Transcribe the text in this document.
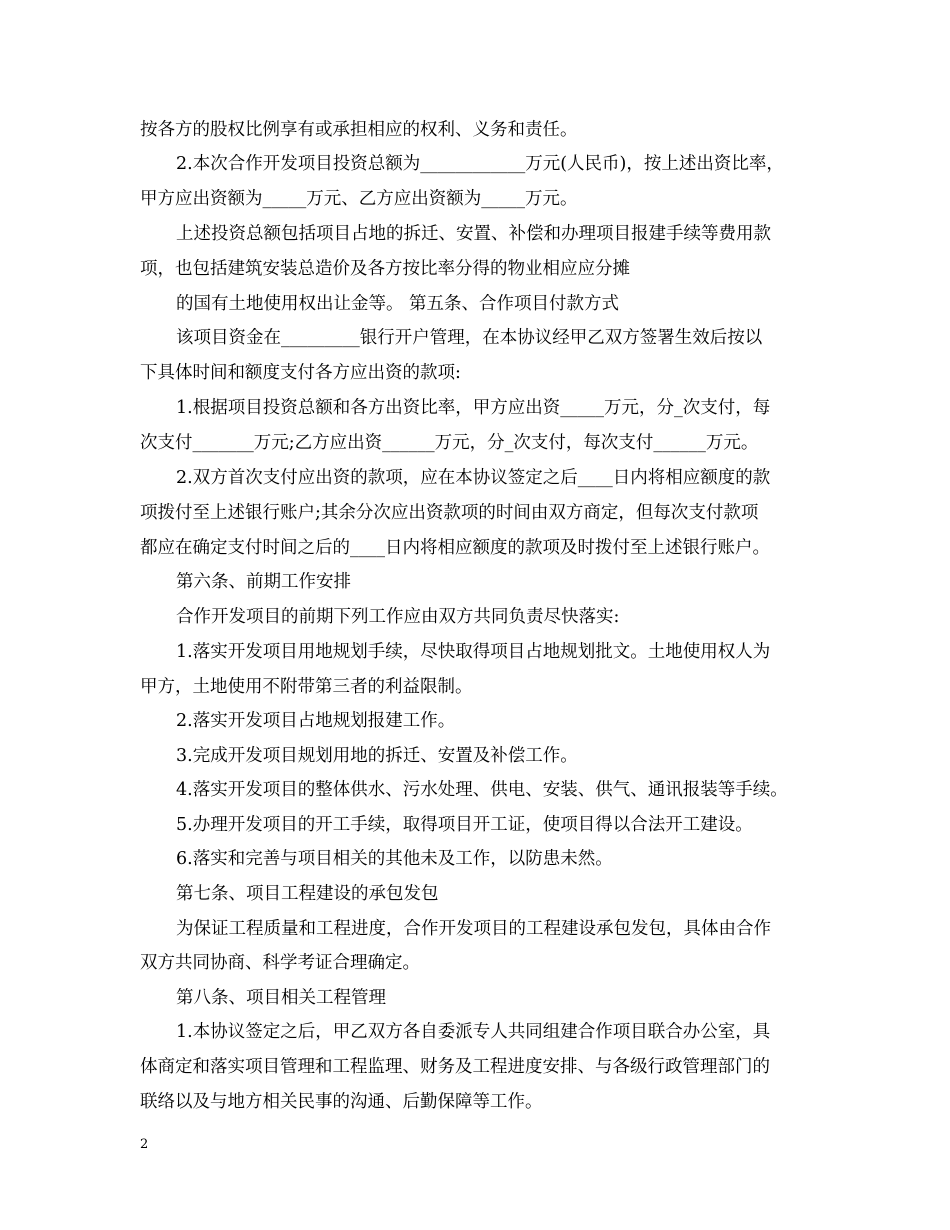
按各方的股权比例享有或承担相应的权利、义务和责任。
2.本次合作开发项目投资总额为____________万元(人民币)，按上述出资比率，
甲方应出资额为_____万元、乙方应出资额为_____万元。
上述投资总额包括项目占地的拆迁、安置、补偿和办理项目报建手续等费用款
项，也包括建筑安装总造价及各方按比率分得的物业相应应分摊
的国有土地使用权出让金等。 第五条、合作项目付款方式
该项目资金在_________银行开户管理，在本协议经甲乙双方签署生效后按以
下具体时间和额度支付各方应出资的款项:
1.根据项目投资总额和各方出资比率，甲方应出资_____万元，分_次支付，每
次支付_______万元;乙方应出资______万元，分_次支付，每次支付______万元。
2.双方首次支付应出资的款项，应在本协议签定之后____日内将相应额度的款
项拨付至上述银行账户;其余分次应出资款项的时间由双方商定，但每次支付款项
都应在确定支付时间之后的____日内将相应额度的款项及时拨付至上述银行账户。
第六条、前期工作安排
合作开发项目的前期下列工作应由双方共同负责尽快落实:
1.落实开发项目用地规划手续，尽快取得项目占地规划批文。土地使用权人为
甲方，土地使用不附带第三者的利益限制。
2.落实开发项目占地规划报建工作。
3.完成开发项目规划用地的拆迁、安置及补偿工作。
4.落实开发项目的整体供水、污水处理、供电、安装、供气、通讯报装等手续。
5.办理开发项目的开工手续，取得项目开工证，使项目得以合法开工建设。
6.落实和完善与项目相关的其他未及工作，以防患未然。
第七条、项目工程建设的承包发包
为保证工程质量和工程进度，合作开发项目的工程建设承包发包，具体由合作
双方共同协商、科学考证合理确定。
第八条、项目相关工程管理
1.本协议签定之后，甲乙双方各自委派专人共同组建合作项目联合办公室，具
体商定和落实项目管理和工程监理、财务及工程进度安排、与各级行政管理部门的
联络以及与地方相关民事的沟通、后勤保障等工作。
2
